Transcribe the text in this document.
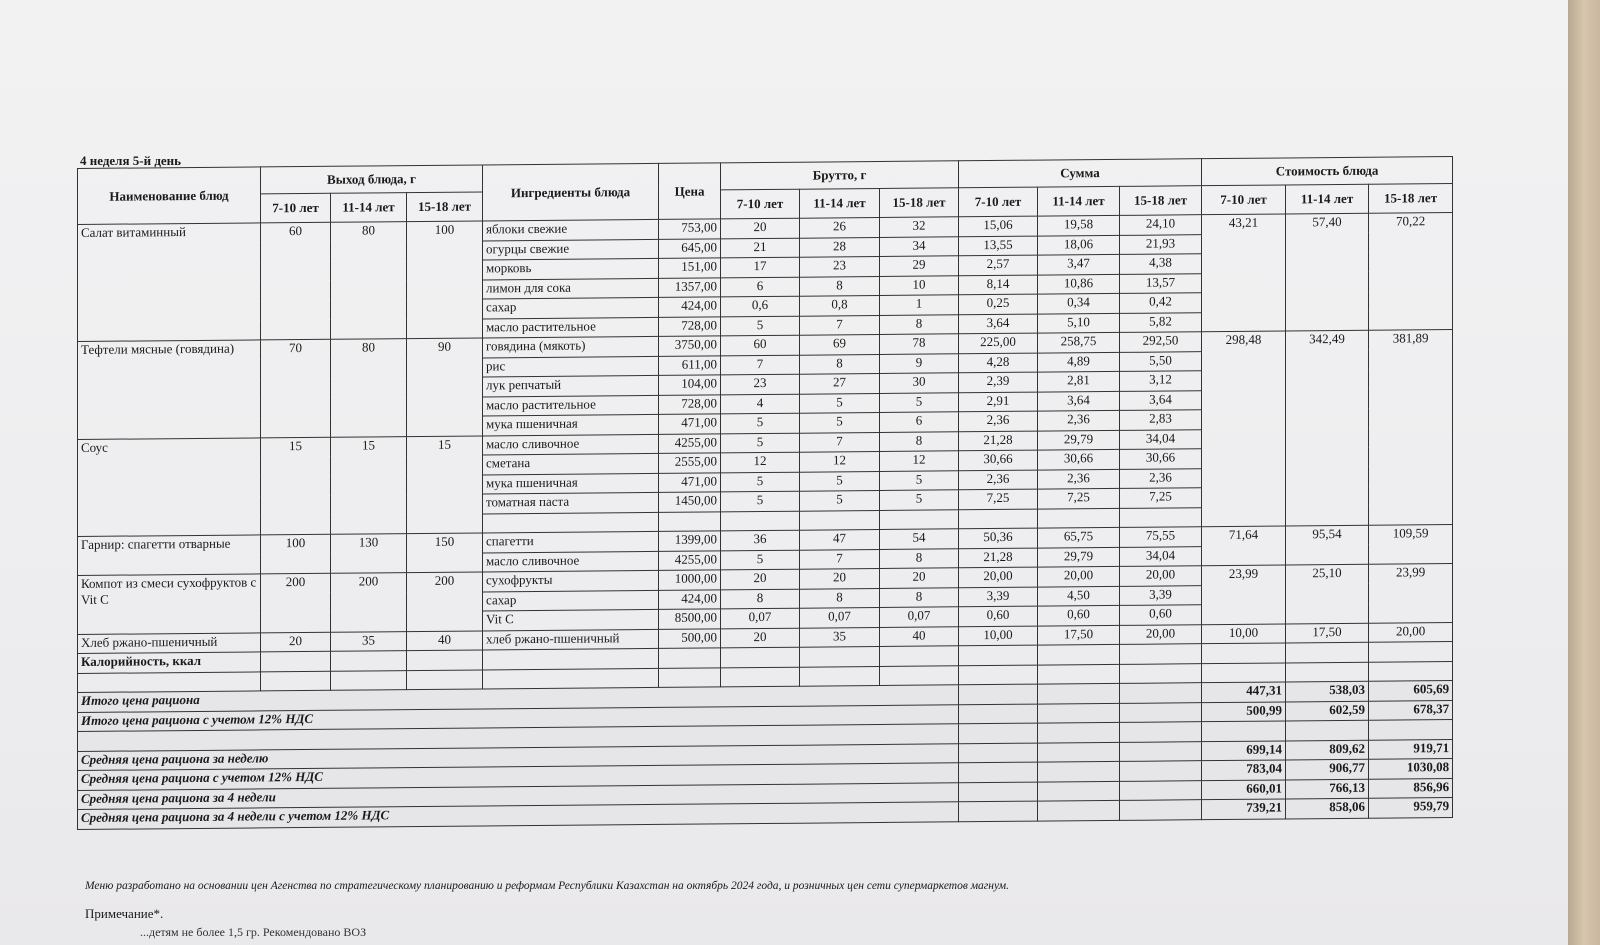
4 неделя 5-й день
Наименование блюд	Выход блюда, г			Ингредиенты блюда	Цена	Брутто, г			Сумма			Стоимость блюда		
	7-10 лет	11-14 лет	15-18 лет			7-10 лет	11-14 лет	15-18 лет	7-10 лет	11-14 лет	15-18 лет	7-10 лет	11-14 лет	15-18 лет
Салат витаминный	60	80	100	яблоки свежие	753,00	20	26	32	15,06	19,58	24,10	43,21	57,40	70,22
				огурцы свежие	645,00	21	28	34	13,55	18,06	21,93			
				морковь	151,00	17	23	29	2,57	3,47	4,38			
				лимон для сока	1357,00	6	8	10	8,14	10,86	13,57			
				сахар	424,00	0,6	0,8	1	0,25	0,34	0,42			
				масло растительное	728,00	5	7	8	3,64	5,10	5,82			
Тефтели мясные (говядина)	70	80	90	говядина (мякоть)	3750,00	60	69	78	225,00	258,75	292,50	298,48	342,49	381,89
				рис	611,00	7	8	9	4,28	4,89	5,50			
				лук репчатый	104,00	23	27	30	2,39	2,81	3,12			
				масло растительное	728,00	4	5	5	2,91	3,64	3,64			
				мука пшеничная	471,00	5	5	6	2,36	2,36	2,83			
Соус	15	15	15	масло сливочное	4255,00	5	7	8	21,28	29,79	34,04			
				сметана	2555,00	12	12	12	30,66	30,66	30,66			
				мука пшеничная	471,00	5	5	5	2,36	2,36	2,36			
				томатная паста	1450,00	5	5	5	7,25	7,25	7,25			

Гарнир: спагетти отварные	100	130	150	спагетти	1399,00	36	47	54	50,36	65,75	75,55	71,64	95,54	109,59
				масло сливочное	4255,00	5	7	8	21,28	29,79	34,04			
Компот из смеси сухофруктов с Vit C	200	200	200	сухофрукты	1000,00	20	20	20	20,00	20,00	20,00	23,99	25,10	23,99
				сахар	424,00	8	8	8	3,39	4,50	3,39			
				Vit C	8500,00	0,07	0,07	0,07	0,60	0,60	0,60			
Хлеб ржано-пшеничный	20	35	40	хлеб ржано-пшеничный	500,00	20	35	40	10,00	17,50	20,00	10,00	17,50	20,00
Калорийность, ккал														

Итого цена рациона												447,31	538,03	605,69
Итого цена рациона с учетом 12% НДС												500,99	602,59	678,37

Средняя цена рациона за неделю												699,14	809,62	919,71
Средняя цена рациона с учетом 12% НДС												783,04	906,77	1030,08
Средняя цена рациона за 4 недели												660,01	766,13	856,96
Средняя цена рациона за 4 недели с учетом 12% НДС												739,21	858,06	959,79
Меню разработано на основании цен Агенства по стратегическому планированию и реформам Республики Казахстан на октябрь 2024 года, и розничных цен сети супермаркетов магнум.
Примечание*.
...детям не более 1,5 гр. Рекомендовано ВОЗ
